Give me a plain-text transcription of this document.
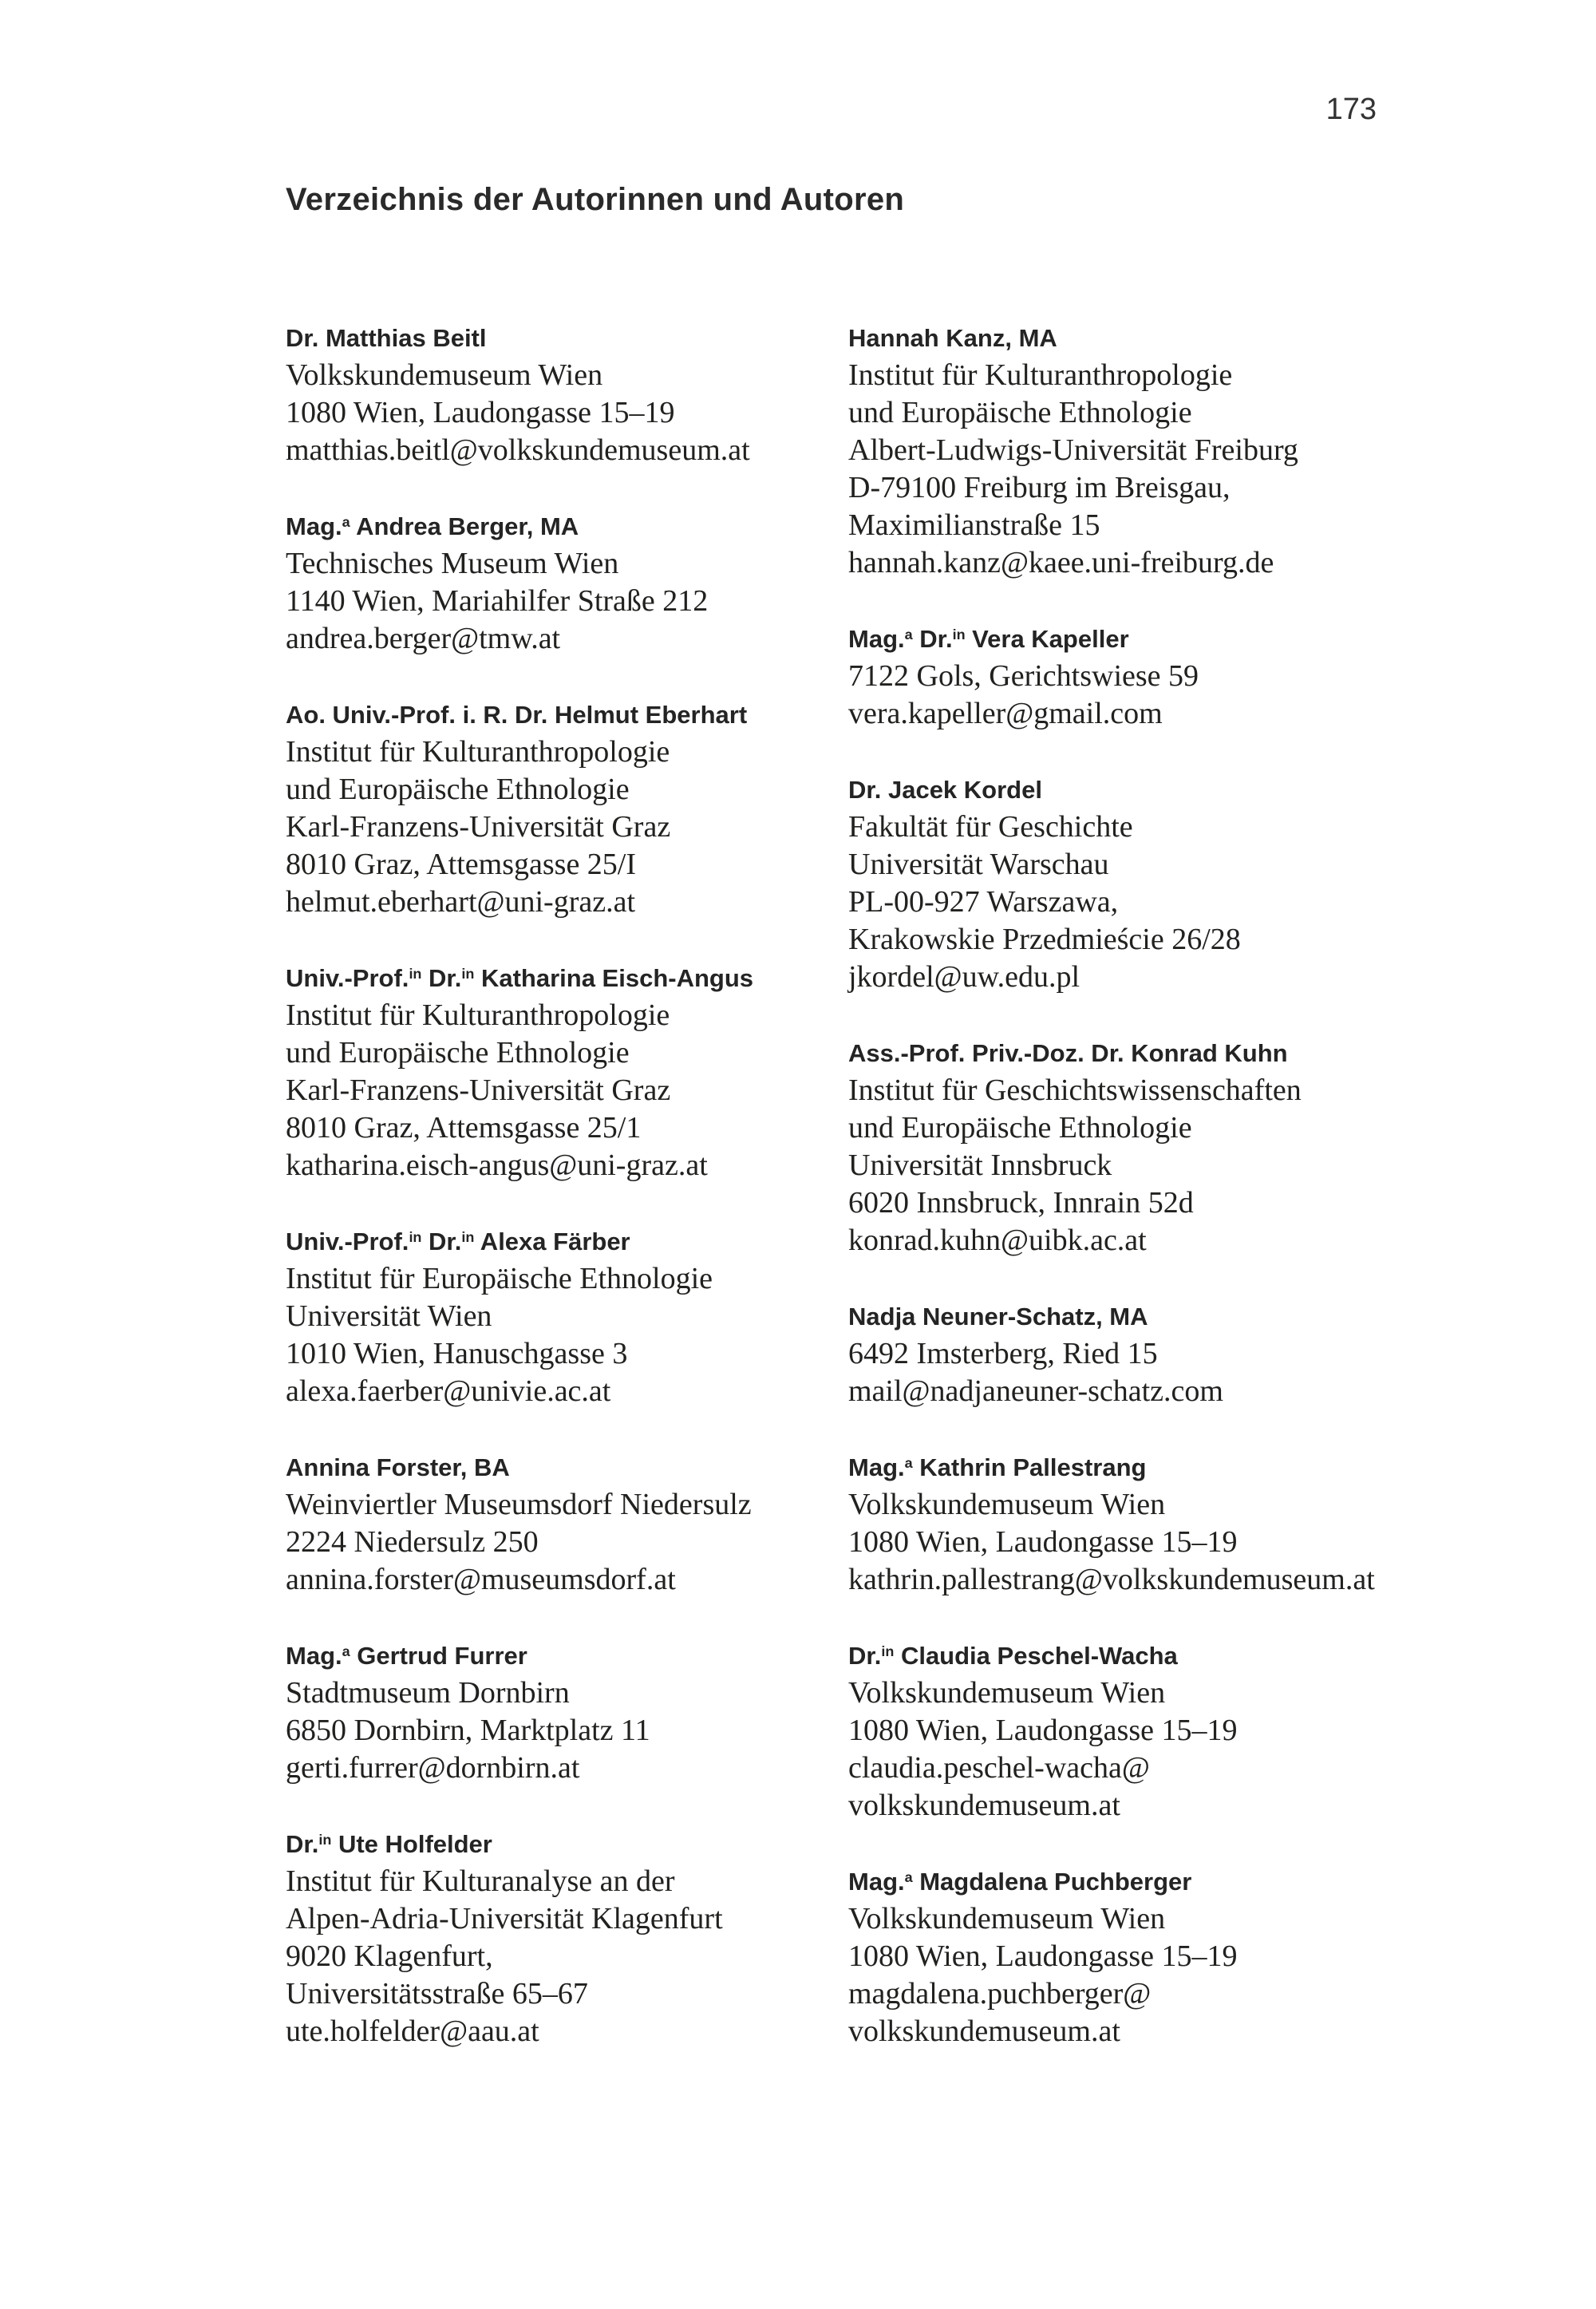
173
Verzeichnis der Autorinnen und Autoren
Dr. Matthias Beitl
Volkskundemuseum Wien
1080 Wien, Laudongasse 15–19
matthias.beitl@volkskundemuseum.at
Mag.$^a$ Andrea Berger, MA
Technisches Museum Wien
1140 Wien, Mariahilfer Straße 212
andrea.berger@tmw.at
Ao. Univ.-Prof. i. R. Dr. Helmut Eberhart
Institut für Kulturanthropologie
und Europäische Ethnologie
Karl-Franzens-Universität Graz
8010 Graz, Attemsgasse 25/I
helmut.eberhart@uni-graz.at
Univ.-Prof.$^{in}$ Dr.$^{in}$ Katharina Eisch-Angus
Institut für Kulturanthropologie
und Europäische Ethnologie
Karl-Franzens-Universität Graz
8010 Graz, Attemsgasse 25/1
katharina.eisch-angus@uni-graz.at
Univ.-Prof.$^{in}$ Dr.$^{in}$ Alexa Färber
Institut für Europäische Ethnologie
Universität Wien
1010 Wien, Hanuschgasse 3
alexa.faerber@univie.ac.at
Annina Forster, BA
Weinviertler Museumsdorf Niedersulz
2224 Niedersulz 250
annina.forster@museumsdorf.at
Mag.$^a$ Gertrud Furrer
Stadtmuseum Dornbirn
6850 Dornbirn, Marktplatz 11
gerti.furrer@dornbirn.at
Dr.$^{in}$ Ute Holfelder
Institut für Kulturanalyse an der
Alpen-Adria-Universität Klagenfurt
9020 Klagenfurt,
Universitätsstraße 65–67
ute.holfelder@aau.at
Hannah Kanz, MA
Institut für Kulturanthropologie
und Europäische Ethnologie
Albert-Ludwigs-Universität Freiburg
D-79100 Freiburg im Breisgau,
Maximilianstraße 15
hannah.kanz@kaee.uni-freiburg.de
Mag.$^a$ Dr.$^{in}$ Vera Kapeller
7122 Gols, Gerichtswiese 59
vera.kapeller@gmail.com
Dr. Jacek Kordel
Fakultät für Geschichte
Universität Warschau
PL-00-927 Warszawa,
Krakowskie Przedmieście 26/28
jkordel@uw.edu.pl
Ass.-Prof. Priv.-Doz. Dr. Konrad Kuhn
Institut für Geschichtswissenschaften
und Europäische Ethnologie
Universität Innsbruck
6020 Innsbruck, Innrain 52d
konrad.kuhn@uibk.ac.at
Nadja Neuner-Schatz, MA
6492 Imsterberg, Ried 15
mail@nadjaneuner-schatz.com
Mag.$^a$ Kathrin Pallestrang
Volkskundemuseum Wien
1080 Wien, Laudongasse 15–19
kathrin.pallestrang@volkskundemuseum.at
Dr.$^{in}$ Claudia Peschel-Wacha
Volkskundemuseum Wien
1080 Wien, Laudongasse 15–19
claudia.peschel-wacha@
volkskundemuseum.at
Mag.$^a$ Magdalena Puchberger
Volkskundemuseum Wien
1080 Wien, Laudongasse 15–19
magdalena.puchberger@
volkskundemuseum.at
